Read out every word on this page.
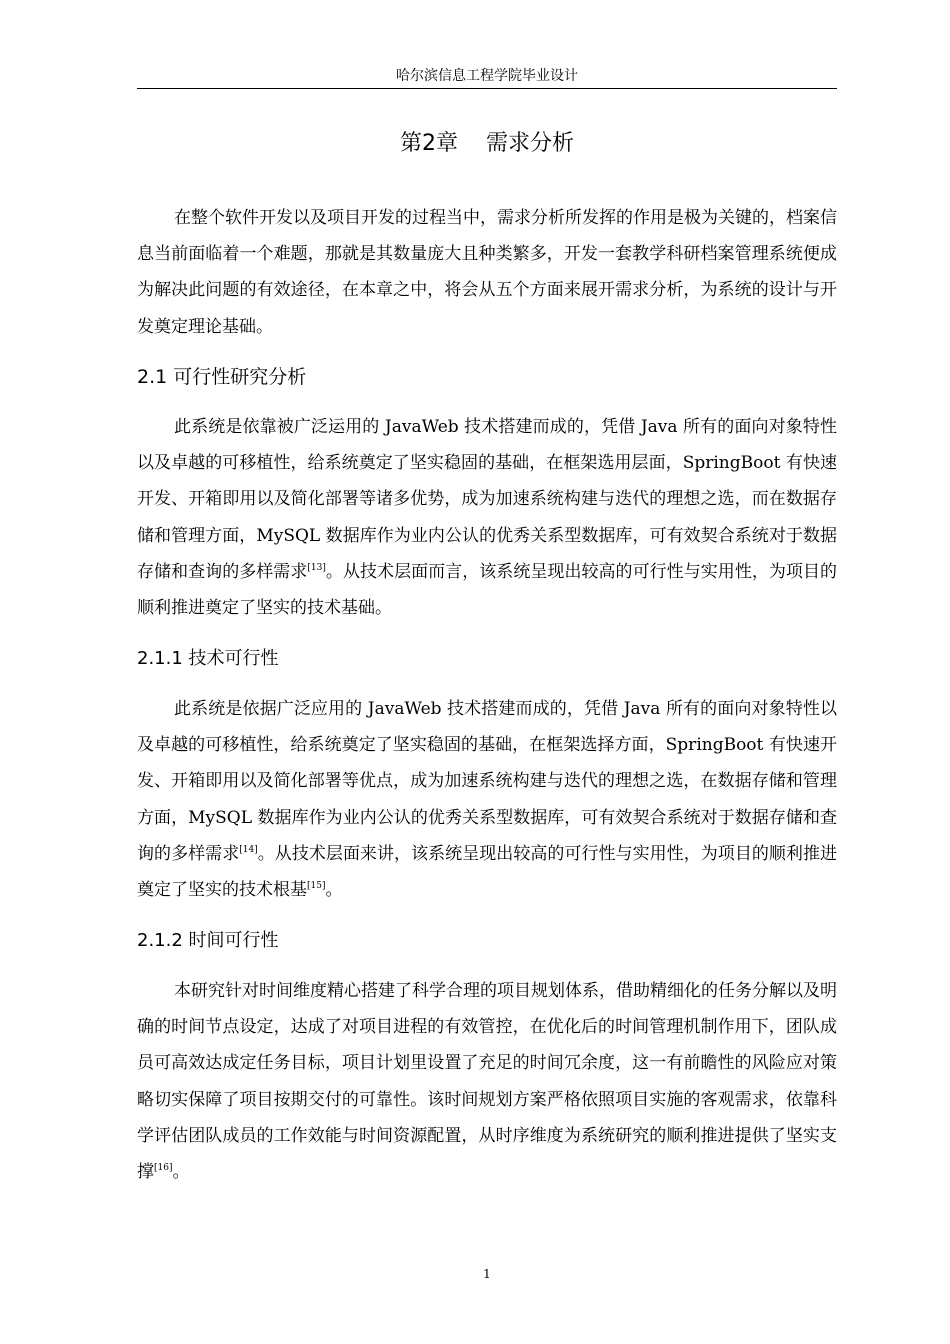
哈尔滨信息工程学院毕业设计
第2章    需求分析
在整个软件开发以及项目开发的过程当中，需求分析所发挥的作用是极为关键的，档案信息当前面临着一个难题，那就是其数量庞大且种类繁多，开发一套教学科研档案管理系统便成为解决此问题的有效途径，在本章之中，将会从五个方面来展开需求分析，为系统的设计与开发奠定理论基础。
2.1 可行性研究分析
此系统是依靠被广泛运用的 JavaWeb 技术搭建而成的，凭借 Java 所有的面向对象特性以及卓越的可移植性，给系统奠定了坚实稳固的基础，在框架选用层面，SpringBoot 有快速开发、开箱即用以及简化部署等诸多优势，成为加速系统构建与迭代的理想之选，而在数据存储和管理方面，MySQL 数据库作为业内公认的优秀关系型数据库，可有效契合系统对于数据存储和查询的多样需求[13]。从技术层面而言，该系统呈现出较高的可行性与实用性，为项目的顺利推进奠定了坚实的技术基础。
2.1.1 技术可行性
此系统是依据广泛应用的 JavaWeb 技术搭建而成的，凭借 Java 所有的面向对象特性以及卓越的可移植性，给系统奠定了坚实稳固的基础，在框架选择方面，SpringBoot 有快速开发、开箱即用以及简化部署等优点，成为加速系统构建与迭代的理想之选，在数据存储和管理方面，MySQL 数据库作为业内公认的优秀关系型数据库，可有效契合系统对于数据存储和查询的多样需求[14]。从技术层面来讲，该系统呈现出较高的可行性与实用性，为项目的顺利推进奠定了坚实的技术根基[15]。
2.1.2 时间可行性
本研究针对时间维度精心搭建了科学合理的项目规划体系，借助精细化的任务分解以及明确的时间节点设定，达成了对项目进程的有效管控，在优化后的时间管理机制作用下，团队成员可高效达成定任务目标，项目计划里设置了充足的时间冗余度，这一有前瞻性的风险应对策略切实保障了项目按期交付的可靠性。该时间规划方案严格依照项目实施的客观需求，依靠科学评估团队成员的工作效能与时间资源配置，从时序维度为系统研究的顺利推进提供了坚实支撑[16]。
1
